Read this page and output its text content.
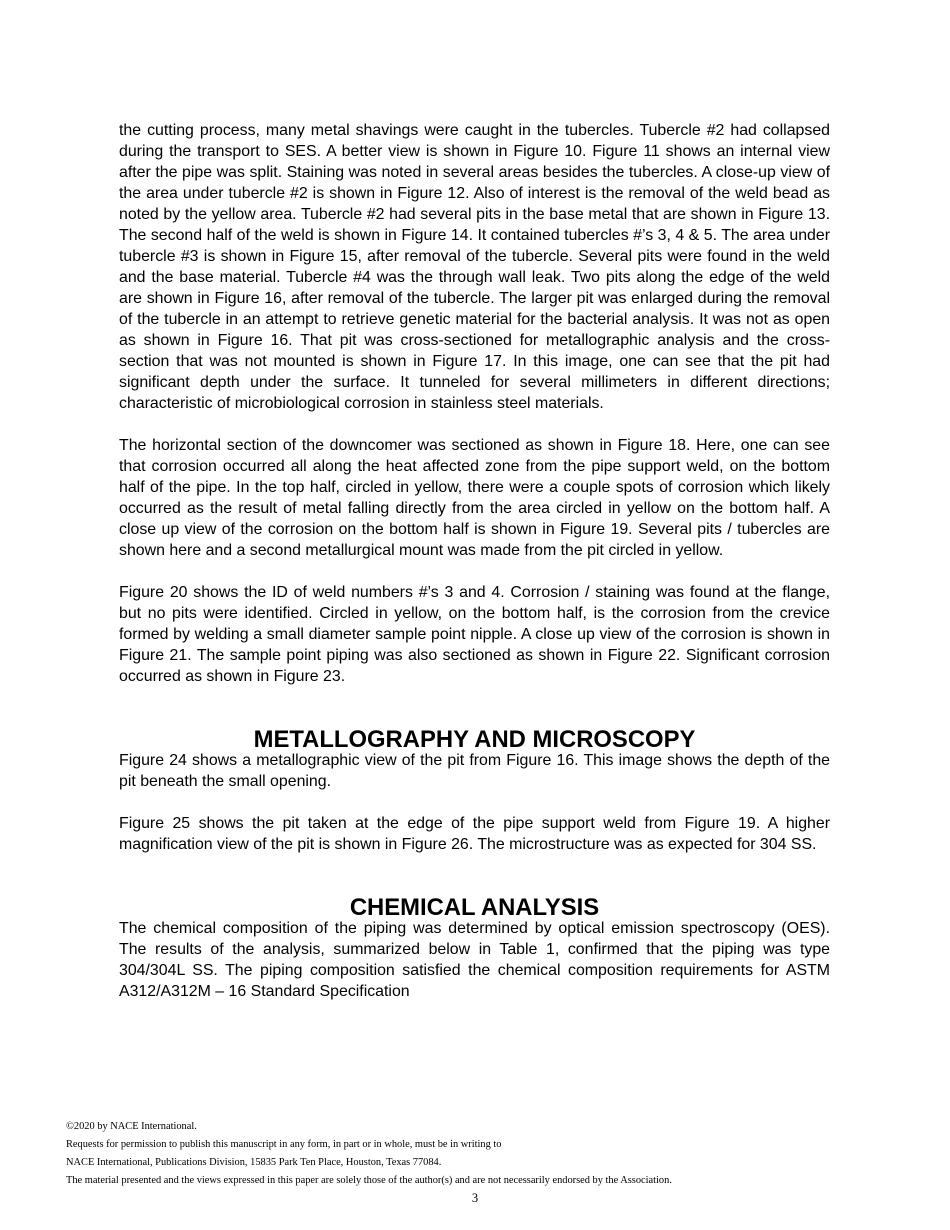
the cutting process, many metal shavings were caught in the tubercles. Tubercle #2 had collapsed during the transport to SES. A better view is shown in Figure 10. Figure 11 shows an internal view after the pipe was split. Staining was noted in several areas besides the tubercles. A close-up view of the area under tubercle #2 is shown in Figure 12. Also of interest is the removal of the weld bead as noted by the yellow area. Tubercle #2 had several pits in the base metal that are shown in Figure 13. The second half of the weld is shown in Figure 14. It contained tubercles #’s 3, 4 & 5. The area under tubercle #3 is shown in Figure 15, after removal of the tubercle. Several pits were found in the weld and the base material. Tubercle #4 was the through wall leak. Two pits along the edge of the weld are shown in Figure 16, after removal of the tubercle. The larger pit was enlarged during the removal of the tubercle in an attempt to retrieve genetic material for the bacterial analysis. It was not as open as shown in Figure 16. That pit was cross-sectioned for metallographic analysis and the cross-section that was not mounted is shown in Figure 17. In this image, one can see that the pit had significant depth under the surface. It tunneled for several millimeters in different directions; characteristic of microbiological corrosion in stainless steel materials.

The horizontal section of the downcomer was sectioned as shown in Figure 18. Here, one can see that corrosion occurred all along the heat affected zone from the pipe support weld, on the bottom half of the pipe. In the top half, circled in yellow, there were a couple spots of corrosion which likely occurred as the result of metal falling directly from the area circled in yellow on the bottom half. A close up view of the corrosion on the bottom half is shown in Figure 19. Several pits / tubercles are shown here and a second metallurgical mount was made from the pit circled in yellow.

Figure 20 shows the ID of weld numbers #’s 3 and 4. Corrosion / staining was found at the flange, but no pits were identified. Circled in yellow, on the bottom half, is the corrosion from the crevice formed by welding a small diameter sample point nipple. A close up view of the corrosion is shown in Figure 21. The sample point piping was also sectioned as shown in Figure 22. Significant corrosion occurred as shown in Figure 23.

METALLOGRAPHY AND MICROSCOPY

Figure 24 shows a metallographic view of the pit from Figure 16. This image shows the depth of the pit beneath the small opening.

Figure 25 shows the pit taken at the edge of the pipe support weld from Figure 19. A higher magnification view of the pit is shown in Figure 26. The microstructure was as expected for 304 SS.

CHEMICAL ANALYSIS

The chemical composition of the piping was determined by optical emission spectroscopy (OES). The results of the analysis, summarized below in Table 1, confirmed that the piping was type 304/304L SS. The piping composition satisfied the chemical composition requirements for ASTM A312/A312M – 16 Standard Specification

©2020 by NACE International.

Requests for permission to publish this manuscript in any form, in part or in whole, must be in writing to

NACE International, Publications Division, 15835 Park Ten Place, Houston, Texas 77084.

The material presented and the views expressed in this paper are solely those of the author(s) and are not necessarily endorsed by the Association.

3
